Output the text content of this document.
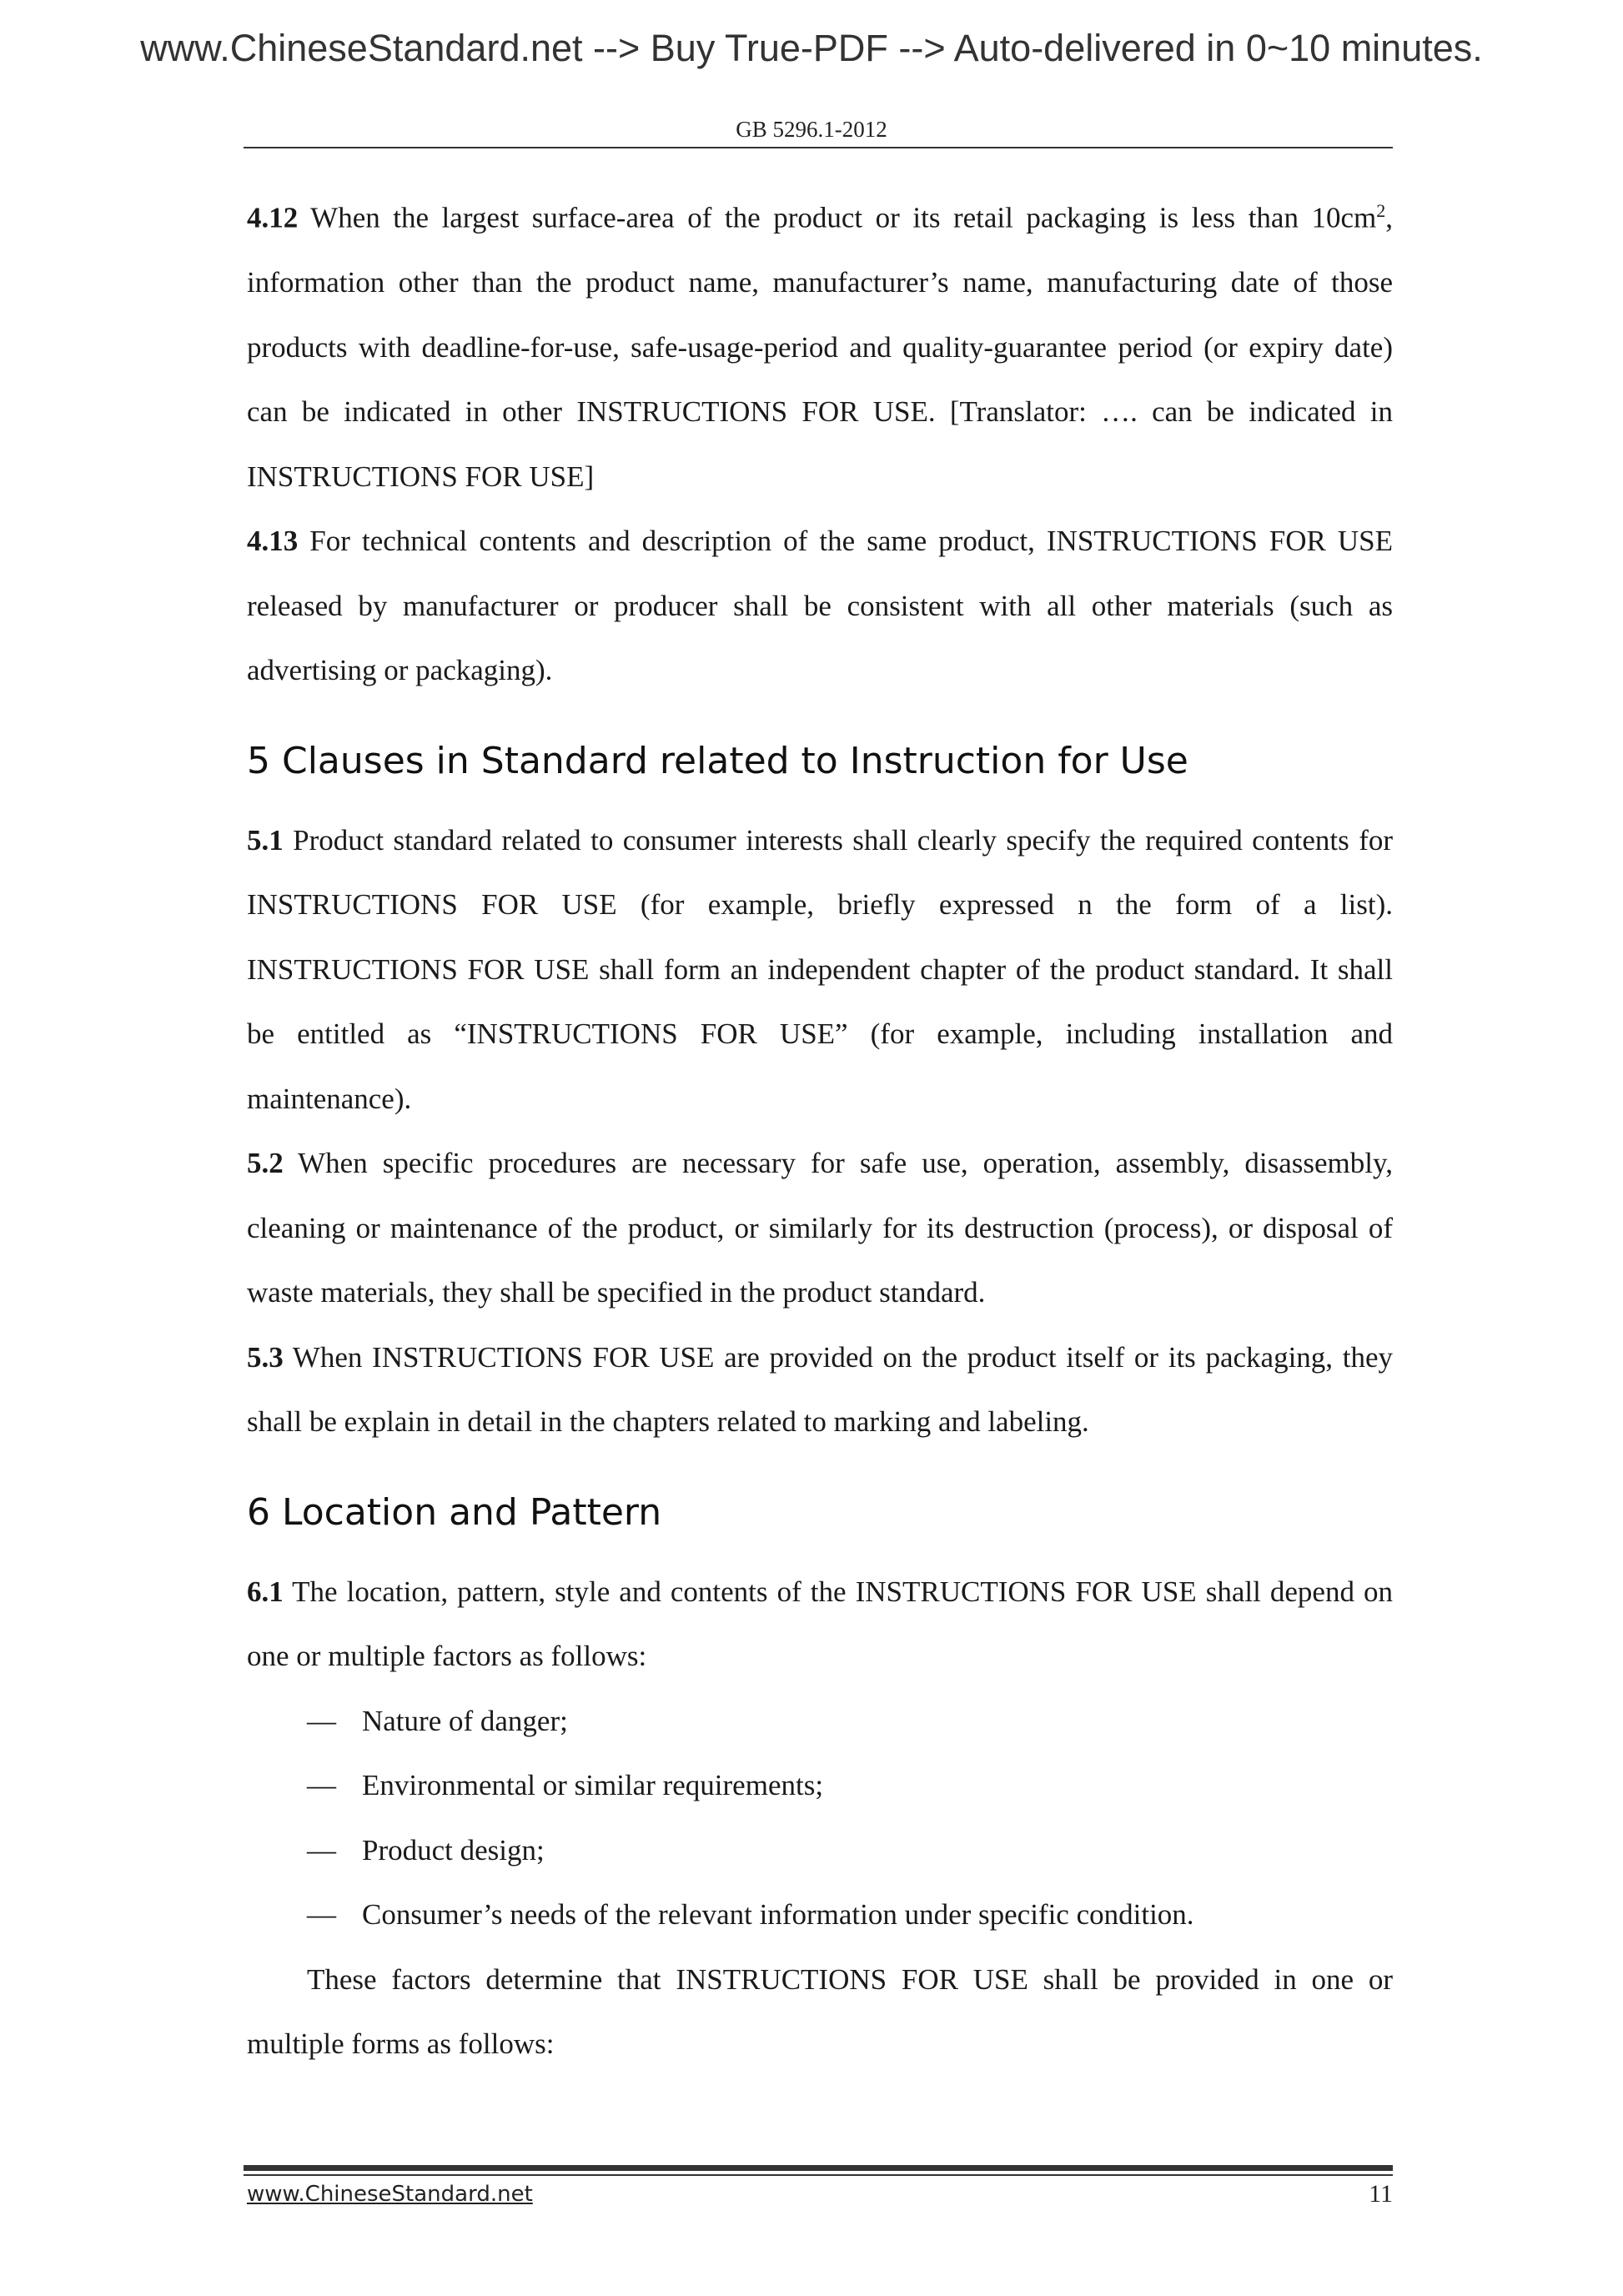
www.ChineseStandard.net --> Buy True-PDF --> Auto-delivered in 0~10 minutes.
GB 5296.1-2012

4.12 When the largest surface-area of the product or its retail packaging is less than $10cm^2$, information other than the product name, manufacturer’s name, manufacturing date of those products with deadline-for-use, safe-usage-period and quality-guarantee period (or expiry date) can be indicated in other INSTRUCTIONS FOR USE. [Translator: …. can be indicated in INSTRUCTIONS FOR USE]

4.13 For technical contents and description of the same product, INSTRUCTIONS FOR USE released by manufacturer or producer shall be consistent with all other materials (such as advertising or packaging).

5 Clauses in Standard related to Instruction for Use

5.1 Product standard related to consumer interests shall clearly specify the required contents for INSTRUCTIONS FOR USE (for example, briefly expressed n the form of a list). INSTRUCTIONS FOR USE shall form an independent chapter of the product standard. It shall be entitled as “INSTRUCTIONS FOR USE” (for example, including installation and maintenance).

5.2 When specific procedures are necessary for safe use, operation, assembly, disassembly, cleaning or maintenance of the product, or similarly for its destruction (process), or disposal of waste materials, they shall be specified in the product standard.

5.3 When INSTRUCTIONS FOR USE are provided on the product itself or its packaging, they shall be explain in detail in the chapters related to marking and labeling.

6 Location and Pattern

6.1 The location, pattern, style and contents of the INSTRUCTIONS FOR USE shall depend on one or multiple factors as follows:

— Nature of danger;

— Environmental or similar requirements;

— Product design;

— Consumer’s needs of the relevant information under specific condition.

These factors determine that INSTRUCTIONS FOR USE shall be provided in one or multiple forms as follows:

www.ChineseStandard.net	11
